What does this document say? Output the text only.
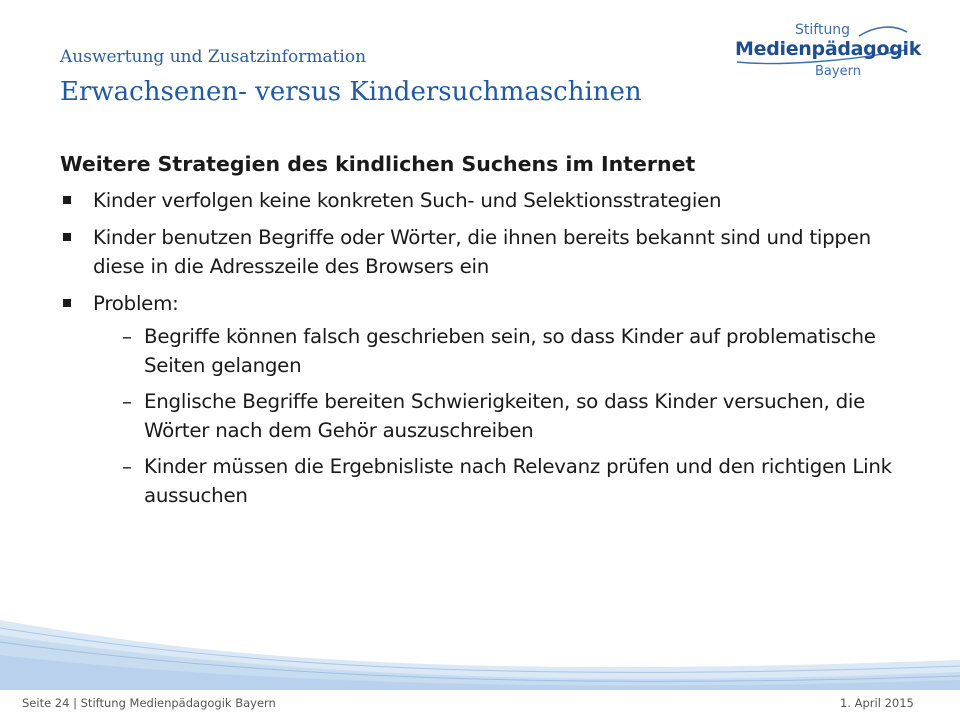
Auswertung und Zusatzinformation
Erwachsenen- versus Kindersuchmaschinen
Stiftung
Medienpädagogik
Bayern
Weitere Strategien des kindlichen Suchens im Internet
Kinder verfolgen keine konkreten Such- und Selektionsstrategien
Kinder benutzen Begriffe oder Wörter, die ihnen bereits bekannt sind und tippen diese in die Adresszeile des Browsers ein
Problem:
– Begriffe können falsch geschrieben sein, so dass Kinder auf problematische Seiten gelangen
– Englische Begriffe bereiten Schwierigkeiten, so dass Kinder versuchen, die Wörter nach dem Gehör auszuschreiben
– Kinder müssen die Ergebnisliste nach Relevanz prüfen und den richtigen Link aussuchen
Seite 24 | Stiftung Medienpädagogik Bayern	1. April 2015
